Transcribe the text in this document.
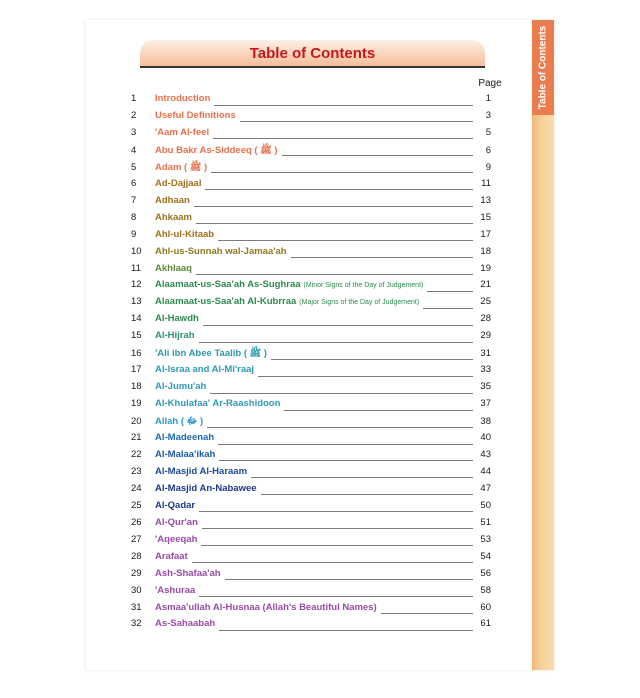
Table of Contents
Table of Contents
Page
1	Introduction	1
2	Useful Definitions	3
3	'Aam Al-feel	5
4	Abu Bakr As-Siddeeq ( ﷺ )	6
5	Adam ( ﷺ )	9
6	Ad-Dajjaal	11
7	Adhaan	13
8	Ahkaam	15
9	Ahl-ul-Kitaab	17
10	Ahl-us-Sunnah wal-Jamaa'ah	18
11	Akhlaaq	19
12	Alaamaat-us-Saa'ah As-Sughraa (Minor Signs of the Day of Judgement)	21
13	Alaamaat-us-Saa'ah Al-Kubrraa (Major Signs of the Day of Judgement)	25
14	Al-Hawdh	28
15	Al-Hijrah	29
16	'Ali ibn Abee Taalib ( ﷺ )	31
17	Al-Israa and Al-Mi'raaj	33
18	Al-Jumu'ah	35
19	Al-Khulafaa' Ar-Raashidoon	37
20	Allah ( ﷻ )	38
21	Al-Madeenah	40
22	Al-Malaa'ikah	43
23	Al-Masjid Al-Haraam	44
24	Al-Masjid An-Nabawee	47
25	Al-Qadar	50
26	Al-Qur'an	51
27	'Aqeeqah	53
28	Arafaat	54
29	Ash-Shafaa'ah	56
30	'Ashuraa	58
31	Asmaa'ullah Al-Husnaa (Allah's Beautiful Names)	60
32	As-Sahaabah	61
